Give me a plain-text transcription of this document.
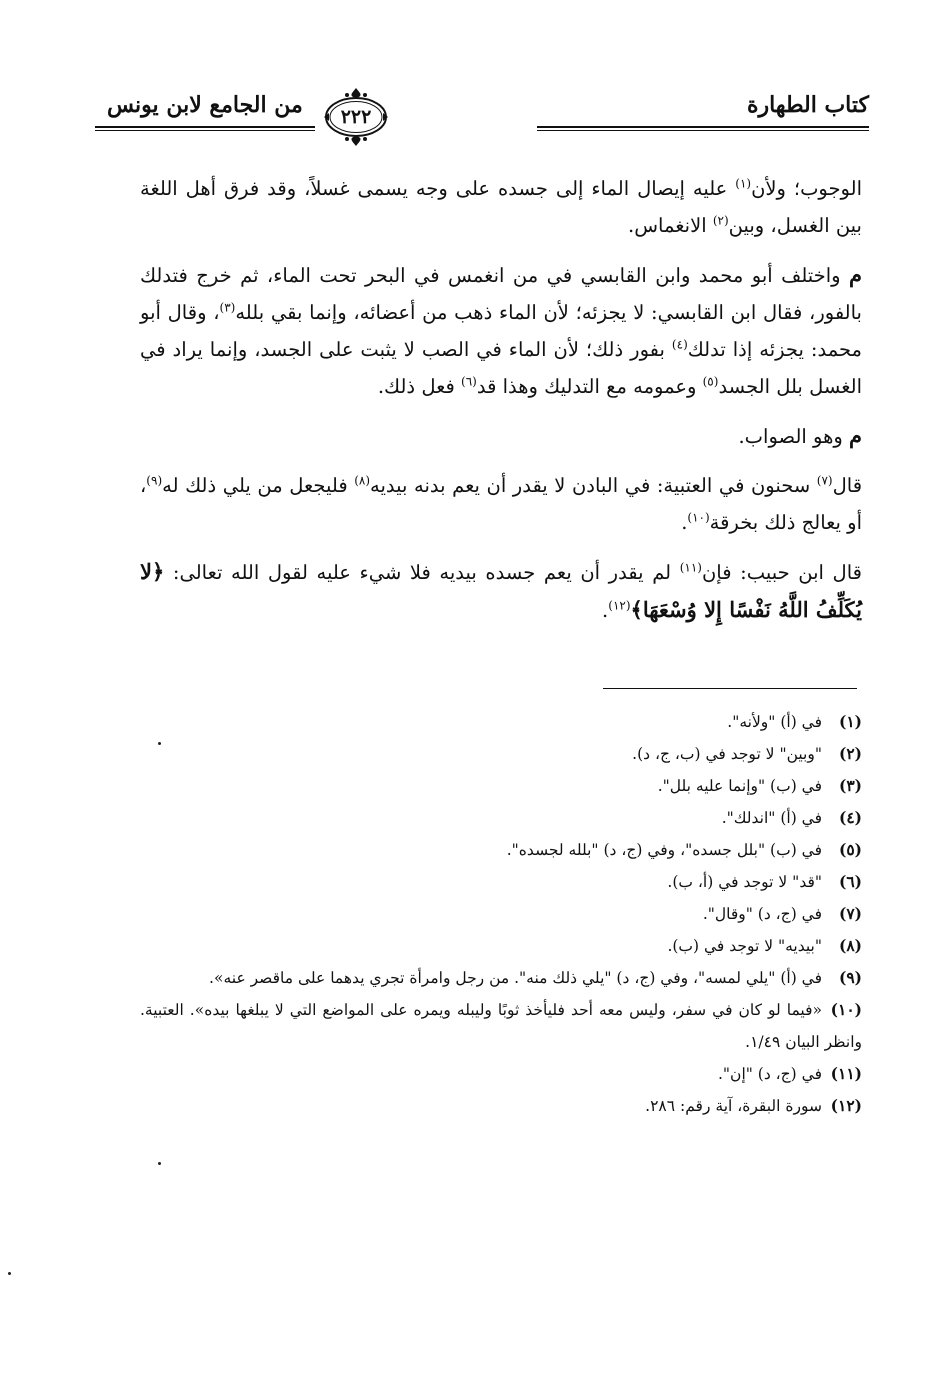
كتاب الطهارة
من الجامع لابن يونس	٢٢٢

الوجوب؛ ولأن$^{(١)}$ عليه إيصال الماء إلى جسده على وجه يسمى غسلاً، وقد فرق أهل اللغة بين الغسل، وبين$^{(٢)}$ الانغماس.

م واختلف أبو محمد وابن القابسي في من انغمس في البحر تحت الماء، ثم خرج فتدلك بالفور، فقال ابن القابسي: لا يجزئه؛ لأن الماء ذهب من أعضائه، وإنما بقي بلله$^{(٣)}$، وقال أبو محمد: يجزئه إذا تدلك$^{(٤)}$ بفور ذلك؛ لأن الماء في الصب لا يثبت على الجسد، وإنما يراد في الغسل بلل الجسد$^{(٥)}$ وعمومه مع التدليك وهذا قد$^{(٦)}$ فعل ذلك.

م وهو الصواب.

قال$^{(٧)}$ سحنون في العتبية: في البادن لا يقدر أن يعم بدنه بيديه$^{(٨)}$ فليجعل من يلي ذلك له$^{(٩)}$، أو يعالج ذلك بخرقة$^{(١٠)}$.

قال ابن حبيب: فإن$^{(١١)}$ لم يقدر أن يعم جسده بيديه فلا شيء عليه لقول الله تعالى: ﴿لا يُكَلِّفُ اللَّهُ نَفْسًا إِلا وُسْعَهَا﴾$^{(١٢)}$.

(١)في (أ) "ولأنه".

(٢)"وبين" لا توجد في (ب، ج، د).

(٣)في (ب) "وإنما عليه بلل".

(٤)في (أ) "اندلك".

(٥)في (ب) "بلل جسده"، وفي (ج، د) "بلله لجسده".

(٦)"قد" لا توجد في (أ، ب).

(٧)في (ج، د) "وقال".

(٨)"بيديه" لا توجد في (ب).

(٩)في (أ) "يلي لمسه"، وفي (ج، د) "يلي ذلك منه". من رجل وامرأة تجري يدهما على ماقصر عنه».

(١٠)«فيما لو كان في سفر، وليس معه أحد فليأخذ ثوبًا وليبله ويمره على المواضع التي لا يبلغها بيده». العتبية. وانظر البيان ١/٤٩.

(١١)في (ج، د) "إن".

(١٢)سورة البقرة، آية رقم: ٢٨٦.
